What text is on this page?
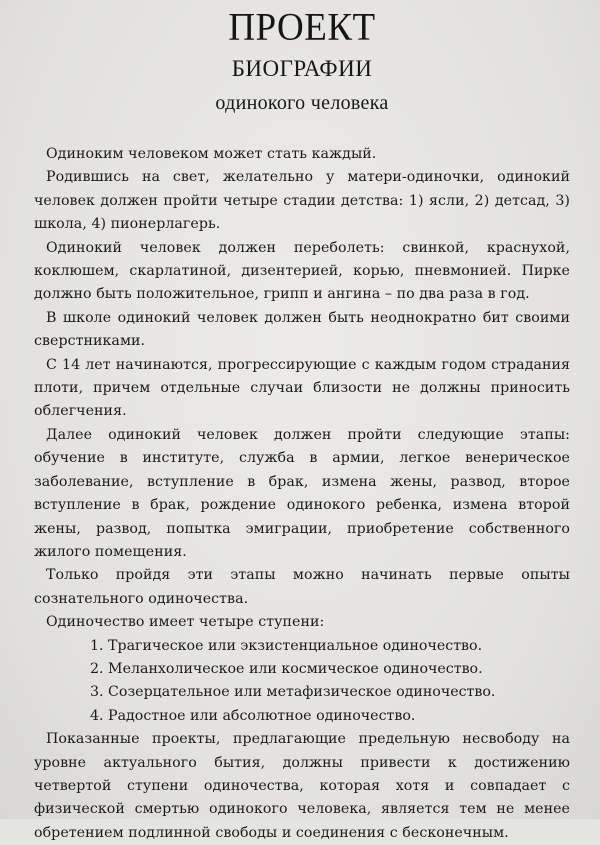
ПРОЕКТ
БИОГРАФИИ
одинокого человека

Одиноким человеком может стать каждый.

Родившись на свет, желательно у матери-одиночки, одинокий человек должен пройти четыре стадии детства: 1) ясли, 2) детсад, 3) школа, 4) пионерлагерь.

Одинокий человек должен переболеть: свинкой, краснухой, коклюшем, скарлатиной, дизентерией, корью, пневмонией. Пирке должно быть положительное, грипп и ангина – по два раза в год.

В школе одинокий человек должен быть неоднократно бит своими сверстниками.

С 14 лет начинаются, прогрессирующие с каждым годом страдания плоти, причем отдельные случаи близости не должны приносить облегчения.

Далее одинокий человек должен пройти следующие этапы: обучение в институте, служба в армии, легкое венерическое заболевание, вступление в брак, измена жены, развод, второе вступление в брак, рождение одинокого ребенка, измена второй жены, развод, попытка эмиграции, приобретение собственного жилого помещения.

Только пройдя эти этапы можно начинать первые опыты сознательного одиночества.

Одиночество имеет четыре ступени:

1. Трагическое или экзистенциальное одиночество.
2. Меланхолическое или космическое одиночество.
3. Созерцательное или метафизическое одиночество.
4. Радостное или абсолютное одиночество.

Показанные проекты, предлагающие предельную несвободу на уровне актуального бытия, должны привести к достижению четвертой ступени одиночества, которая хотя и совпадает с физической смертью одинокого человека, является тем не менее обретением подлинной свободы и соединения с бесконечным.
